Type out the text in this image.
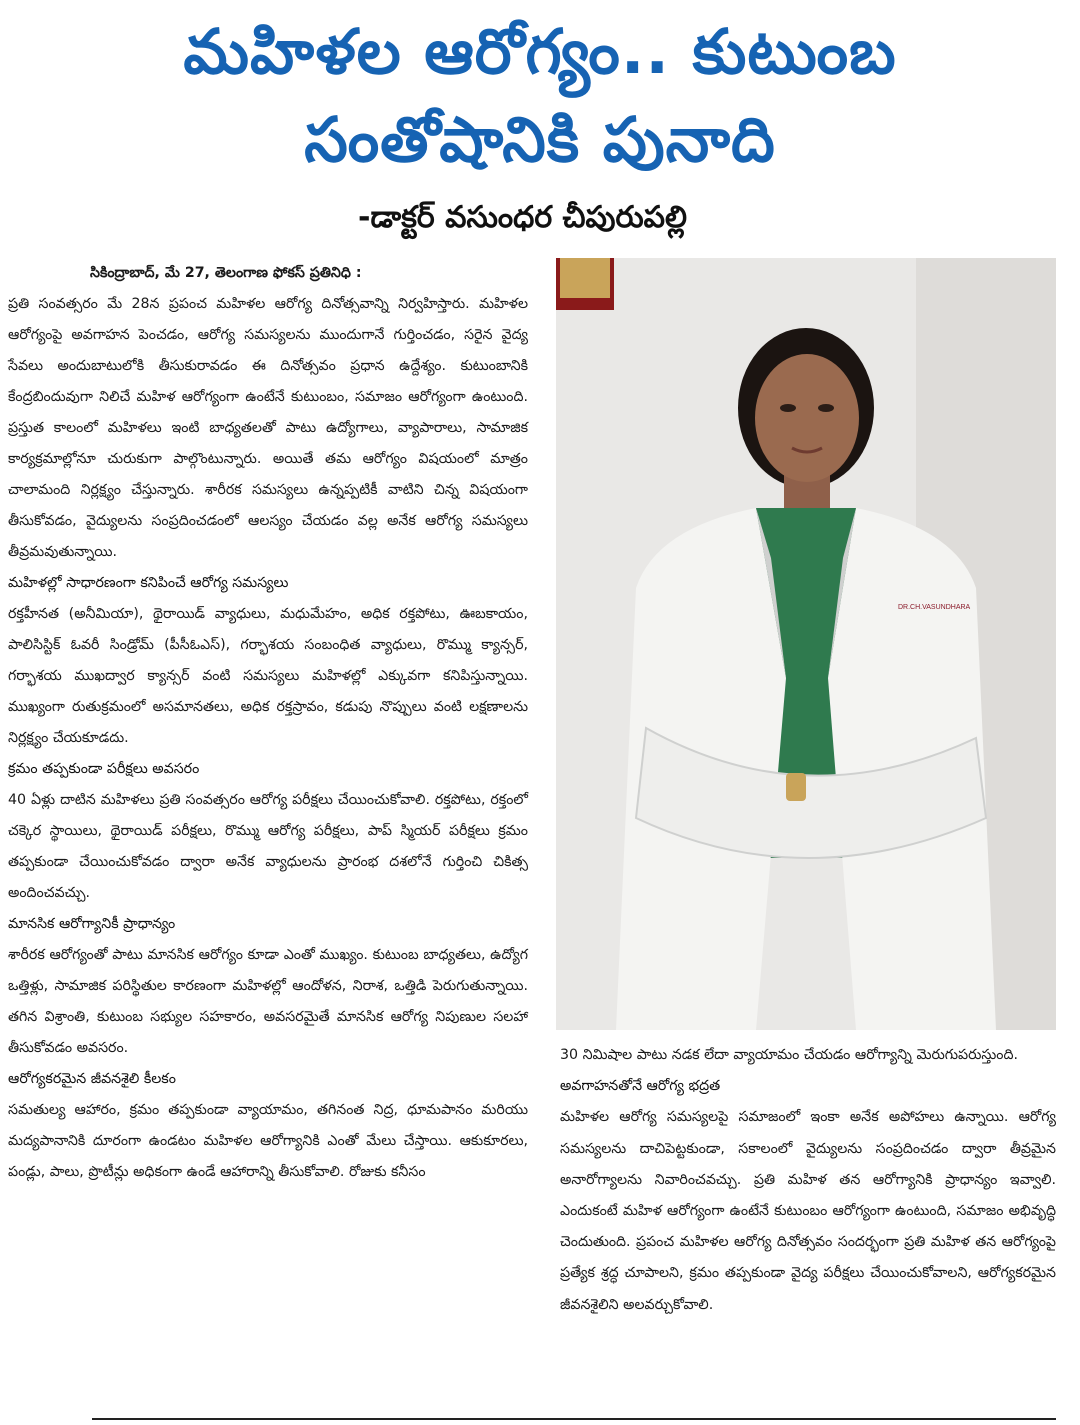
మహిళల ఆరోగ్యం.. కుటుంబ
సంతోషానికి పునాది
-డాక్టర్ వసుంధర చీపురుపల్లి

సికింద్రాబాద్, మే 27, తెలంగాణ ఫోకస్ ప్రతినిధి :

ప్రతి సంవత్సరం మే 28న ప్రపంచ మహిళల ఆరోగ్య దినోత్సవాన్ని నిర్వహిస్తారు. మహిళల ఆరోగ్యంపై అవగాహన పెంచడం, ఆరోగ్య సమస్యలను ముందుగానే గుర్తించడం, సరైన వైద్య సేవలు అందుబాటులోకి తీసుకురావడం ఈ దినోత్సవం ప్రధాన ఉద్దేశ్యం. కుటుంబానికి కేంద్రబిందువుగా నిలిచే మహిళ ఆరోగ్యంగా ఉంటేనే కుటుంబం, సమాజం ఆరోగ్యంగా ఉంటుంది. ప్రస్తుత కాలంలో మహిళలు ఇంటి బాధ్యతలతో పాటు ఉద్యోగాలు, వ్యాపారాలు, సామాజిక కార్యక్రమాల్లోనూ చురుకుగా పాల్గొంటున్నారు. అయితే తమ ఆరోగ్యం విషయంలో మాత్రం చాలామంది నిర్లక్ష్యం చేస్తున్నారు. శారీరక సమస్యలు ఉన్నప్పటికీ వాటిని చిన్న విషయంగా తీసుకోవడం, వైద్యులను సంప్రదించడంలో ఆలస్యం చేయడం వల్ల అనేక ఆరోగ్య సమస్యలు తీవ్రమవుతున్నాయి.

మహిళల్లో సాధారణంగా కనిపించే ఆరోగ్య సమస్యలు

రక్తహీనత (అనీమియా), థైరాయిడ్ వ్యాధులు, మధుమేహం, అధిక రక్తపోటు, ఊబకాయం, పాలిసిస్టిక్ ఓవరీ సిండ్రోమ్ (పీసీఓఎస్), గర్భాశయ సంబంధిత వ్యాధులు, రొమ్ము క్యాన్సర్, గర్భాశయ ముఖద్వార క్యాన్సర్ వంటి సమస్యలు మహిళల్లో ఎక్కువగా కనిపిస్తున్నాయి. ముఖ్యంగా రుతుక్రమంలో అసమానతలు, అధిక రక్తస్రావం, కడుపు నొప్పులు వంటి లక్షణాలను నిర్లక్ష్యం చేయకూడదు.

క్రమం తప్పకుండా పరీక్షలు అవసరం

40 ఏళ్లు దాటిన మహిళలు ప్రతి సంవత్సరం ఆరోగ్య పరీక్షలు చేయించుకోవాలి. రక్తపోటు, రక్తంలో చక్కెర స్థాయిలు, థైరాయిడ్ పరీక్షలు, రొమ్ము ఆరోగ్య పరీక్షలు, పాప్ స్మియర్ పరీక్షలు క్రమం తప్పకుండా చేయించుకోవడం ద్వారా అనేక వ్యాధులను ప్రారంభ దశలోనే గుర్తించి చికిత్స అందించవచ్చు.

మానసిక ఆరోగ్యానికీ ప్రాధాన్యం

శారీరక ఆరోగ్యంతో పాటు మానసిక ఆరోగ్యం కూడా ఎంతో ముఖ్యం. కుటుంబ బాధ్యతలు, ఉద్యోగ ఒత్తిళ్లు, సామాజిక పరిస్థితుల కారణంగా మహిళల్లో ఆందోళన, నిరాశ, ఒత్తిడి పెరుగుతున్నాయి. తగిన విశ్రాంతి, కుటుంబ సభ్యుల సహకారం, అవసరమైతే మానసిక ఆరోగ్య నిపుణుల సలహా తీసుకోవడం అవసరం.

ఆరోగ్యకరమైన జీవనశైలి కీలకం

సమతుల్య ఆహారం, క్రమం తప్పకుండా వ్యాయామం, తగినంత నిద్ర, ధూమపానం మరియు మద్యపానానికి దూరంగా ఉండటం మహిళల ఆరోగ్యానికి ఎంతో మేలు చేస్తాయి. ఆకుకూరలు, పండ్లు, పాలు, ప్రొటీన్లు అధికంగా ఉండే ఆహారాన్ని తీసుకోవాలి. రోజుకు కనీసం

DR.CH.VASUNDHARA

30 నిమిషాల పాటు నడక లేదా వ్యాయామం చేయడం ఆరోగ్యాన్ని మెరుగుపరుస్తుంది.

అవగాహనతోనే ఆరోగ్య భద్రత

మహిళల ఆరోగ్య సమస్యలపై సమాజంలో ఇంకా అనేక అపోహలు ఉన్నాయి. ఆరోగ్య సమస్యలను దాచిపెట్టకుండా, సకాలంలో వైద్యులను సంప్రదించడం ద్వారా తీవ్రమైన అనారోగ్యాలను నివారించవచ్చు. ప్రతి మహిళ తన ఆరోగ్యానికి ప్రాధాన్యం ఇవ్వాలి. ఎందుకంటే మహిళ ఆరోగ్యంగా ఉంటేనే కుటుంబం ఆరోగ్యంగా ఉంటుంది, సమాజం అభివృద్ధి చెందుతుంది. ప్రపంచ మహిళల ఆరోగ్య దినోత్సవం సందర్భంగా ప్రతి మహిళ తన ఆరోగ్యంపై ప్రత్యేక శ్రద్ధ చూపాలని, క్రమం తప్పకుండా వైద్య పరీక్షలు చేయించుకోవాలని, ఆరోగ్యకరమైన జీవనశైలిని అలవర్చుకోవాలి.
